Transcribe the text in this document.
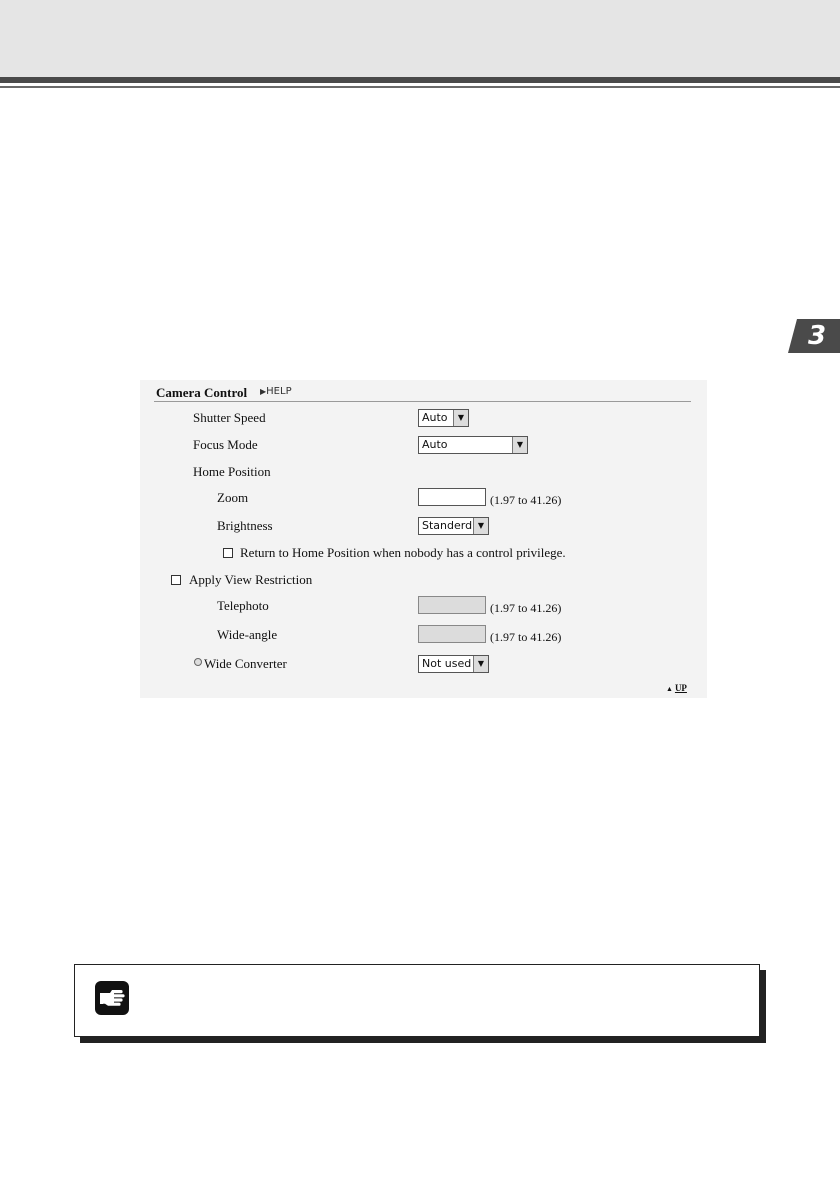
3
Camera Control ▶HELP
Shutter Speed	Auto	▼
Focus Mode	Auto	▼
Home Position
Zoom	(1.97 to 41.26)
Brightness	Standerd ▼
Return to Home Position when nobody has a control privilege.
Apply View Restriction
Telephoto	(1.97 to 41.26)
Wide-angle	(1.97 to 41.26)
Wide Converter	Not used ▼
▲ UP
